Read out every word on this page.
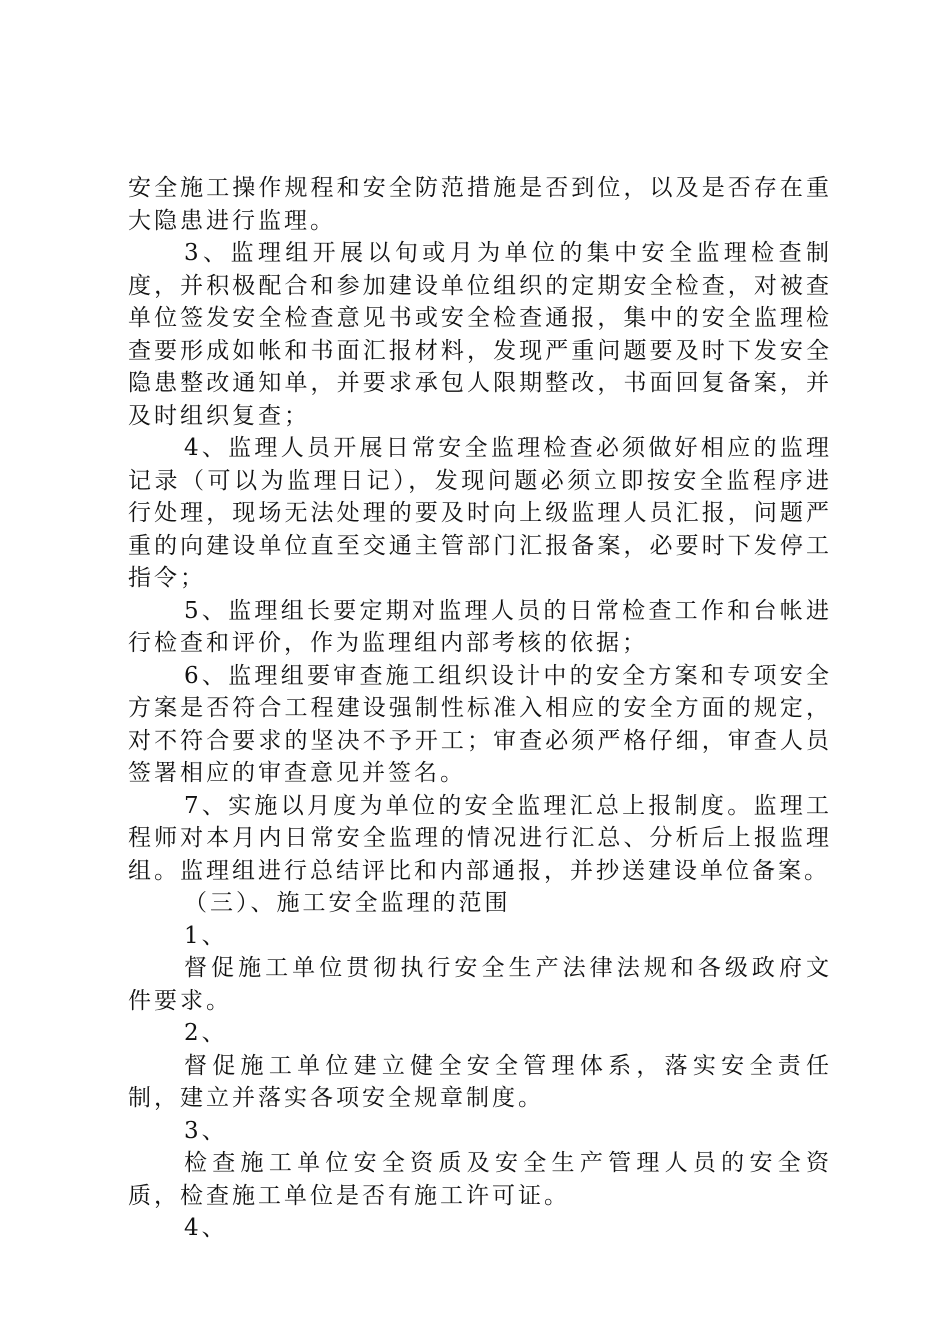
安全施工操作规程和安全防范措施是否到位，以及是否存在重大隐患进行监理。

3、监理组开展以旬或月为单位的集中安全监理检查制度，并积极配合和参加建设单位组织的定期安全检查，对被查单位签发安全检查意见书或安全检查通报，集中的安全监理检查要形成如帐和书面汇报材料，发现严重问题要及时下发安全隐患整改通知单，并要求承包人限期整改，书面回复备案，并及时组织复查；

4、监理人员开展日常安全监理检查必须做好相应的监理记录（可以为监理日记），发现问题必须立即按安全监程序进行处理，现场无法处理的要及时向上级监理人员汇报，问题严重的向建设单位直至交通主管部门汇报备案，必要时下发停工指令；

5、监理组长要定期对监理人员的日常检查工作和台帐进行检查和评价，作为监理组内部考核的依据；

6、监理组要审查施工组织设计中的安全方案和专项安全方案是否符合工程建设强制性标准入相应的安全方面的规定，对不符合要求的坚决不予开工；审查必须严格仔细，审查人员签署相应的审查意见并签名。

7、实施以月度为单位的安全监理汇总上报制度。监理工程师对本月内日常安全监理的情况进行汇总、分析后上报监理组。监理组进行总结评比和内部通报，并抄送建设单位备案。

（三）、施工安全监理的范围

1、

督促施工单位贯彻执行安全生产法律法规和各级政府文件要求。

2、

督促施工单位建立健全安全管理体系，落实安全责任制，建立并落实各项安全规章制度。

3、

检查施工单位安全资质及安全生产管理人员的安全资质，检查施工单位是否有施工许可证。

4、
